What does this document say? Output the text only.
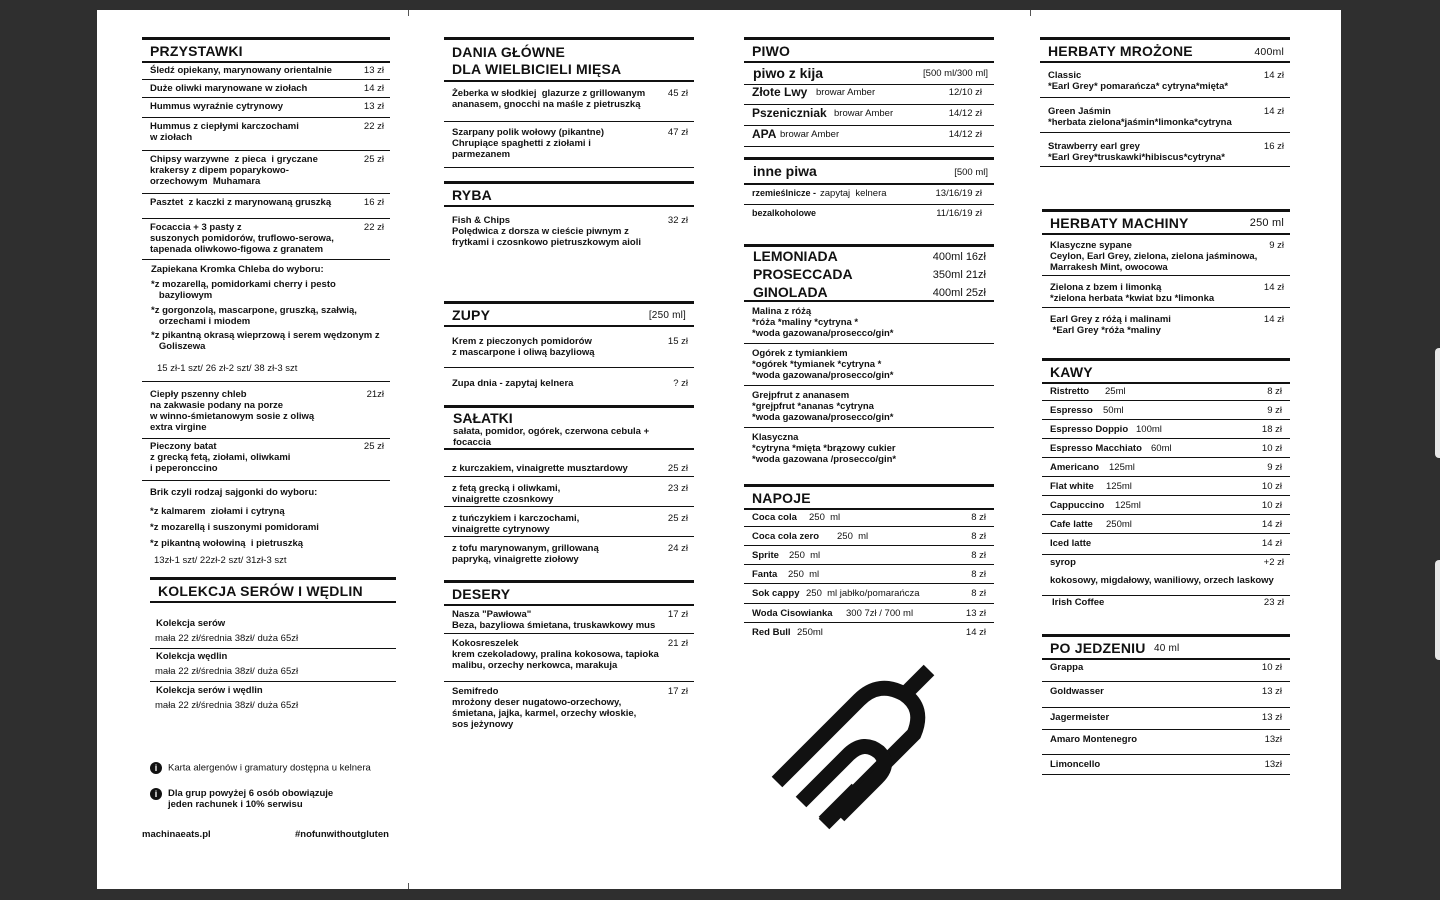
PRZYSTAWKI
Śledź opiekany, marynowany orientalnie	13 zł
Duże oliwki marynowane w ziołach	14 zł
Hummus wyraźnie cytrynowy	13 zł
Hummus z ciepłymi karczochami
w ziołach
22 zł
Chipsy warzywne  z pieca  i gryczane
krakersy z dipem poparykowo-
orzechowym  Muhamara
25 zł
Pasztet  z kaczki z marynowaną gruszką	16 zł
Focaccia + 3 pasty z
suszonych pomidorów, truflowo-serowa,
tapenada oliwkowo-figowa z granatem
22 zł
Zapiekana Kromka Chleba do wyboru:
*z mozarellą, pomidorkami cherry i pesto
bazyliowym
*z gorgonzolą, mascarpone, gruszką, szałwią,
orzechami i miodem
*z pikantną okrasą wieprzową i serem wędzonym z
Goliszewa
15 zł-1 szt/ 26 zł-2 szt/ 38 zł-3 szt
Ciepły pszenny chleb
na zakwasie podany na porze
w winno-śmietanowym sosie z oliwą
extra virgine
21zł
Pieczony batat
z grecką fetą, ziołami, oliwkami
i peperonccino
25 zł
Brik czyli rodzaj sajgonki do wyboru:
*z kalmarem  ziołami i cytryną
*z mozarellą i suszonymi pomidorami
*z pikantną wołowiną  i pietruszką
13zł-1 szt/ 22zł-2 szt/ 31zł-3 szt
KOLEKCJA SERÓW I WĘDLIN
Kolekcja serów
mała 22 zł/średnia 38zł/ duża 65zł
Kolekcja wędlin
mała 22 zł/średnia 38zł/ duża 65zł
Kolekcja serów i wędlin
mała 22 zł/średnia 38zł/ duża 65zł
i Karta alergenów i gramatury dostępna u kelnera
i Dla grup powyżej 6 osób obowiązuje
jeden rachunek i 10% serwisu
machinaeats.pl	#nofunwithoutgluten
DANIA GŁÓWNE
DLA WIELBICIELI MIĘSA
Żeberka w słodkiej  glazurze z grillowanym
ananasem, gnocchi na maśle z pietruszką
45 zł
Szarpany polik wołowy (pikantne)
Chrupiące spaghetti z ziołami i
parmezanem
47 zł
RYBA
Fish & Chips
Polędwica z dorsza w cieście piwnym z
frytkami i czosnkowo pietruszkowym aioli
32 zł
ZUPY	[250 ml]
Krem z pieczonych pomidorów
z mascarpone i oliwą bazyliową
15 zł
Zupa dnia - zapytaj kelnera	? zł
SAŁATKI
sałata, pomidor, ogórek, czerwona cebula +
focaccia
z kurczakiem, vinaigrette musztardowy	25 zł
z fetą grecką i oliwkami,
vinaigrette czosnkowy
23 zł
z tuńczykiem i karczochami,
vinaigrette cytrynowy
25 zł
z tofu marynowanym, grillowaną
papryką, vinaigrette ziołowy
24 zł
DESERY
Nasza "Pawłowa"
Beza, bazyliowa śmietana, truskawkowy mus
17 zł
Kokosreszelek
krem czekoladowy, pralina kokosowa, tapioka
malibu, orzechy nerkowca, marakuja
21 zł
Semifredo
mrożony deser nugatowo-orzechowy,
śmietana, jajka, karmel, orzechy włoskie,
sos jeżynowy
17 zł
PIWO
piwo z kija	[500 ml/300 ml]
Złote Lwy browar Amber	12/10 zł
Pszeniczniak browar Amber	14/12 zł
APA browar Amber	14/12 zł
inne piwa	[500 ml]
rzemieślnicze - zapytaj  kelnera	13/16/19 zł
bezalkoholowe	11/16/19 zł
LEMONIADA	400ml 16zł
PROSECCADA	350ml 21zł
GINOLADA	400ml 25zł
Malina z różą
*róża *maliny *cytryna *
*woda gazowana/prosecco/gin*
Ogórek z tymiankiem
*ogórek *tymianek *cytryna *
*woda gazowana/prosecco/gin*
Grejpfrut z ananasem
*grejpfrut *ananas *cytryna
*woda gazowana/prosecco/gin*
Klasyczna
*cytryna *mięta *brązowy cukier
*woda gazowana /prosecco/gin*
NAPOJE
Coca cola 250  ml	8 zł
Coca cola zero 250  ml	8 zł
Sprite 250  ml	8 zł
Fanta 250  ml	8 zł
Sok cappy 250  ml jabłko/pomarańcza	8 zł
Woda Cisowianka 300 7zł / 700 ml	13 zł
Red Bull 250ml	14 zł
HERBATY MROŻONE	400ml
Classic
*Earl Grey* pomarańcza* cytryna*mięta*
14 zł
Green Jaśmin
*herbata zielona*jaśmin*limonka*cytryna
14 zł
Strawberry earl grey
*Earl Grey*truskawki*hibiscus*cytryna*
16 zł
HERBATY MACHINY	250 ml
Klasyczne sypane
Ceylon, Earl Grey, zielona, zielona jaśminowa,
Marrakesh Mint, owocowa
9 zł
Zielona z bzem i limonką
*zielona herbata *kwiat bzu *limonka
14 zł
Earl Grey z różą i malinami
*Earl Grey *róża *maliny
14 zł
KAWY
Ristretto 25ml	8 zł
Espresso 50ml	9 zł
Espresso Doppio 100ml	18 zł
Espresso Macchiato 60ml	10 zł
Americano 125ml	9 zł
Flat white 125ml	10 zł
Cappuccino 125ml	10 zł
Cafe latte 250ml	14 zł
Iced latte	14 zł
syrop	+2 zł
kokosowy, migdałowy, waniliowy, orzech laskowy
Irish Coffee	23 zł
PO JEDZENIU 40 ml
Grappa	10 zł
Goldwasser	13 zł
Jagermeister	13 zł
Amaro Montenegro	13zł
Limoncello	13zł
